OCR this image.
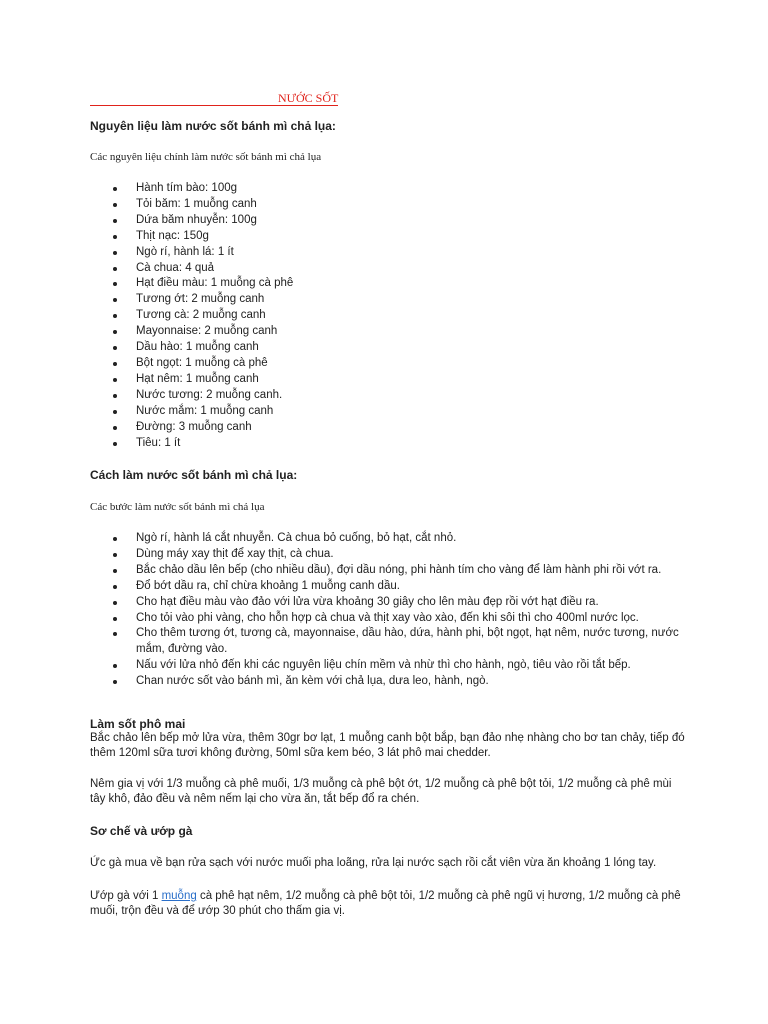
NƯỚC SỐT
Nguyên liệu làm nước sốt bánh mì chả lụa:
Các nguyên liệu chính làm nước sốt bánh mì chả lụa
Hành tím bào: 100g
Tỏi băm: 1 muỗng canh
Dứa băm nhuyễn: 100g
Thịt nạc: 150g
Ngò rí, hành lá: 1 ít
Cà chua: 4 quả
Hạt điều màu: 1 muỗng cà phê
Tương ớt: 2 muỗng canh
Tương cà: 2 muỗng canh
Mayonnaise: 2 muỗng canh
Dầu hào: 1 muỗng canh
Bột ngọt: 1 muỗng cà phê
Hạt nêm: 1 muỗng canh
Nước tương: 2 muỗng canh.
Nước mắm: 1 muỗng canh
Đường: 3 muỗng canh
Tiêu: 1 ít
Cách làm nước sốt bánh mì chả lụa:
Các bước làm nước sốt bánh mì chả lụa
Ngò rí, hành lá cắt nhuyễn. Cà chua bỏ cuống, bỏ hạt, cắt nhỏ.
Dùng máy xay thịt để xay thịt, cà chua.
Bắc chảo dầu lên bếp (cho nhiều dầu), đợi dầu nóng, phi hành tím cho vàng để làm hành phi rồi vớt ra.
Đổ bớt dầu ra, chỉ chừa khoảng 1 muỗng canh dầu.
Cho hạt điều màu vào đảo với lửa vừa khoảng 30 giây cho lên màu đẹp rồi vớt hạt điều ra.
Cho tỏi vào phi vàng, cho hỗn hợp cà chua và thịt xay vào xào, đến khi sôi thì cho 400ml nước lọc.
Cho thêm tương ớt, tương cà, mayonnaise, dầu hào, dứa, hành phi, bột ngọt, hạt nêm, nước tương, nước mắm, đường vào.
Nấu với lửa nhỏ đến khi các nguyên liệu chín mềm và nhừ thì cho hành, ngò, tiêu vào rồi tắt bếp.
Chan nước sốt vào bánh mì, ăn kèm với chả lụa, dưa leo, hành, ngò.
Làm sốt phô mai
Bắc chảo lên bếp mở lửa vừa, thêm 30gr bơ lạt, 1 muỗng canh bột bắp, bạn đảo nhẹ nhàng cho bơ tan chảy, tiếp đó thêm 120ml sữa tươi không đường, 50ml sữa kem béo, 3 lát phô mai chedder.
Nêm gia vị với 1/3 muỗng cà phê muối, 1/3 muỗng cà phê bột ớt, 1/2 muỗng cà phê bột tỏi, 1/2 muỗng cà phê mùi tây khô, đảo đều và nêm nếm lại cho vừa ăn, tắt bếp đổ ra chén.
Sơ chế và ướp gà
Ức gà mua về bạn rửa sạch với nước muối pha loãng, rửa lại nước sạch rồi cắt viên vừa ăn khoảng 1 lóng tay.
Ướp gà với 1 muỗng cà phê hạt nêm, 1/2 muỗng cà phê bột tỏi, 1/2 muỗng cà phê ngũ vị hương, 1/2 muỗng cà phê muối, trộn đều và để ướp 30 phút cho thấm gia vị.
